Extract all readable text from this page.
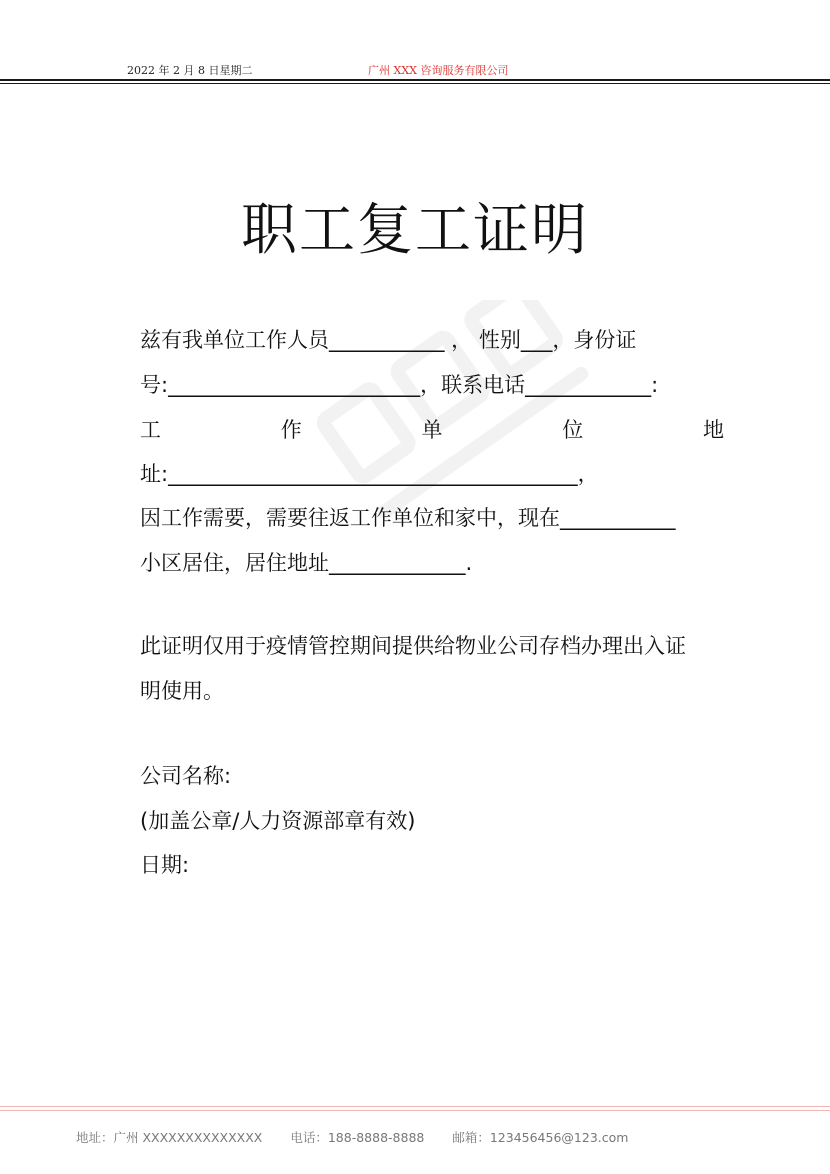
2022 年 2 月 8 日星期二	广州 XXX 咨询服务有限公司
职工复工证明
兹有我单位工作人员___________ ， 性别___，身份证
号:________________________，联系电话____________:
工	作	单	位	地
址:_______________________________________，
因工作需要，需要往返工作单位和家中，现在___________
小区居住，居住地址_____________.
此证明仅用于疫情管控期间提供给物业公司存档办理出入证
明使用。
公司名称:
(加盖公章/人力资源部章有效)
日期:
地址：广州 XXXXXXXXXXXXXX 电话：188-8888-8888 邮箱：123456456@123.com
